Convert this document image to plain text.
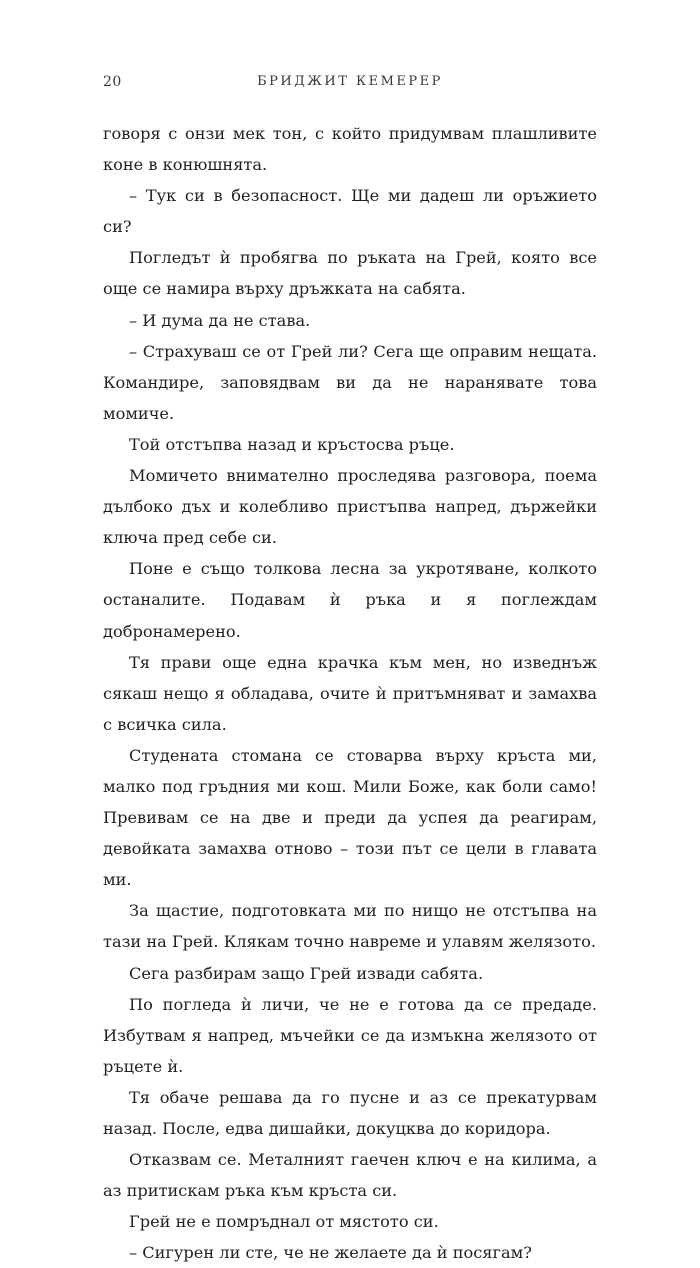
20	БРИДЖИТ КЕМЕРЕР

говоря с онзи мек тон, с който придумвам плашливите коне в конюшнята.

– Тук си в безопасност. Ще ми дадеш ли оръжието си?

Погледът ѝ пробягва по ръката на Грей, която все още се намира върху дръжката на сабята.

– И дума да не става.

– Страхуваш се от Грей ли? Сега ще оправим нещата. Командире, заповядвам ви да не наранявате това момиче.

Той отстъпва назад и кръстосва ръце.

Момичето внимателно проследява разговора, поема дълбоко дъх и колебливо пристъпва напред, държейки ключа пред себе си.

Поне е също толкова лесна за укротяване, колкото останалите. Подавам ѝ ръка и я поглеждам добронамерено.

Тя прави още една крачка към мен, но изведнъж сякаш нещо я обладава, очите ѝ притъмняват и замахва с всичка сила.

Студената стомана се стоварва върху кръста ми, малко под гръдния ми кош. Мили Боже, как боли само! Превивам се на две и преди да успея да реагирам, девойката замахва отново – този път се цели в главата ми.

За щастие, подготовката ми по нищо не отстъпва на тази на Грей. Клякам точно навреме и улавям желязото.

Сега разбирам защо Грей извади сабята.

По погледа ѝ личи, че не е готова да се предаде. Избутвам я напред, мъчейки се да измъкна желязото от ръцете ѝ.

Тя обаче решава да го пусне и аз се прекатурвам назад. После, едва дишайки, докуцквa до коридора.

Отказвам се. Металният гаечен ключ е на килима, а аз притискам ръка към кръста си.

Грей не е помръднал от мястото си.

– Сигурен ли сте, че не желаете да ѝ посягам?
